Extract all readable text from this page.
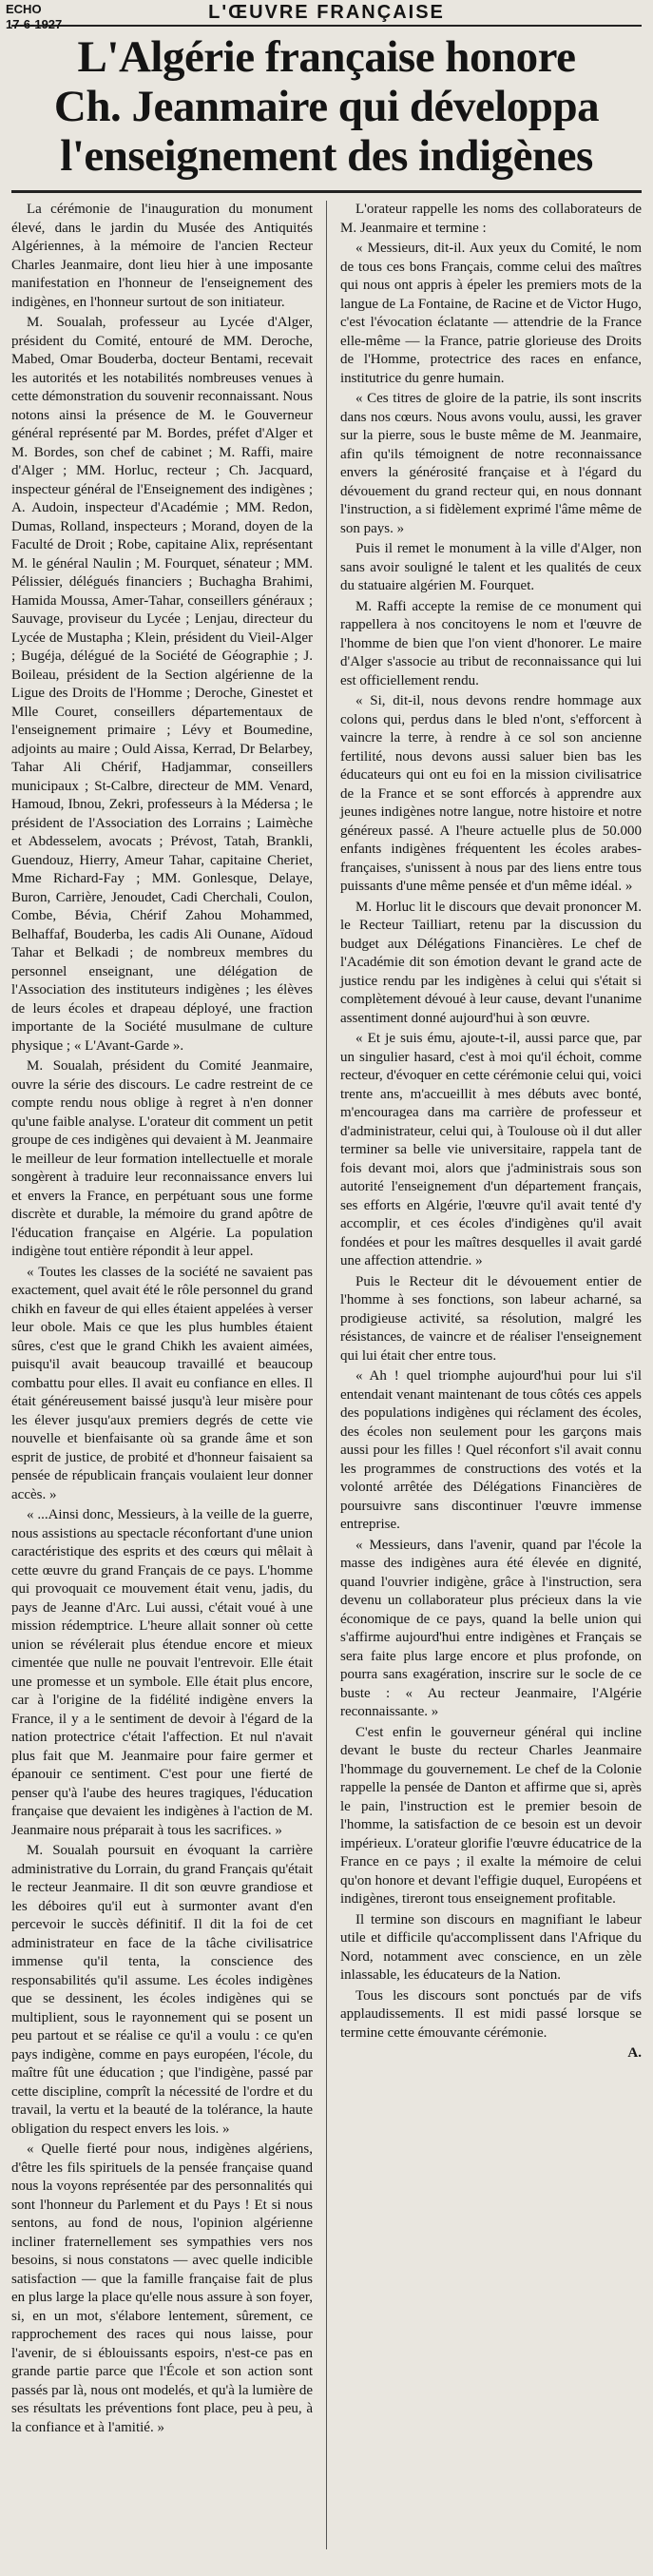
ECHO
17-6-1927
L'ŒUVRE FRANÇAISE
L'Algérie française honore
Ch. Jeanmaire qui développa
l'enseignement des indigènes

La cérémonie de l'inauguration du monument élevé, dans le jardin du Musée des Antiquités Algériennes, à la mémoire de l'ancien Recteur Charles Jeanmaire, dont lieu hier à une imposante manifestation en l'honneur de l'enseignement des indigènes, en l'honneur surtout de son initiateur.

M. Soualah, professeur au Lycée d'Alger, président du Comité, entouré de MM. Deroche, Mabed, Omar Bouderba, docteur Bentami, recevait les autorités et les notabilités nombreuses venues à cette démonstration du souvenir reconnaissant. Nous notons ainsi la présence de M. le Gouverneur général représenté par M. Bordes, préfet d'Alger et M. Bordes, son chef de cabinet ; M. Raffi, maire d'Alger ; MM. Horluc, recteur ; Ch. Jacquard, inspecteur général de l'Enseignement des indigènes ; A. Audoin, inspecteur d'Académie ; MM. Redon, Dumas, Rolland, inspecteurs ; Morand, doyen de la Faculté de Droit ; Robe, capitaine Alix, représentant M. le général Naulin ; M. Fourquet, sénateur ; MM. Pélissier, délégués financiers ; Buchagha Brahimi, Hamida Moussa, Amer-Tahar, conseillers généraux ; Sauvage, proviseur du Lycée ; Lenjau, directeur du Lycée de Mustapha ; Klein, président du Vieil-Alger ; Bugéja, délégué de la Société de Géographie ; J. Boileau, président de la Section algérienne de la Ligue des Droits de l'Homme ; Deroche, Ginestet et Mlle Couret, conseillers départementaux de l'enseignement primaire ; Lévy et Boumedine, adjoints au maire ; Ould Aissa, Kerrad, Dr Belarbey, Tahar Ali Chérif, Hadjammar, conseillers municipaux ; St-Calbre, directeur de MM. Venard, Hamoud, Ibnou, Zekri, professeurs à la Médersa ; le président de l'Association des Lorrains ; Laimèche et Abdesselem, avocats ; Prévost, Tatah, Brankli, Guendouz, Hierry, Ameur Tahar, capitaine Cheriet, Mme Richard-Fay ; MM. Gonlesque, Delaye, Buron, Carrière, Jenoudet, Cadi Cherchali, Coulon, Combe, Bévia, Chérif Zahou Mohammed, Belhaffaf, Bouderba, les cadis Ali Ounane, Aïdoud Tahar et Belkadi ; de nombreux membres du personnel enseignant, une délégation de l'Association des instituteurs indigènes ; les élèves de leurs écoles et drapeau déployé, une fraction importante de la Société musulmane de culture physique ; « L'Avant-Garde ».

M. Soualah, président du Comité Jeanmaire, ouvre la série des discours. Le cadre restreint de ce compte rendu nous oblige à regret à n'en donner qu'une faible analyse. L'orateur dit comment un petit groupe de ces indigènes qui devaient à M. Jeanmaire le meilleur de leur formation intellectuelle et morale songèrent à traduire leur reconnaissance envers lui et envers la France, en perpétuant sous une forme discrète et durable, la mémoire du grand apôtre de l'éducation française en Algérie. La population indigène tout entière répondit à leur appel.

« Toutes les classes de la société ne savaient pas exactement, quel avait été le rôle personnel du grand chikh en faveur de qui elles étaient appelées à verser leur obole. Mais ce que les plus humbles étaient sûres, c'est que le grand Chikh les avaient aimées, puisqu'il avait beaucoup travaillé et beaucoup combattu pour elles. Il avait eu confiance en elles. Il était généreusement baissé jusqu'à leur misère pour les élever jusqu'aux premiers degrés de cette vie nouvelle et bienfaisante où sa grande âme et son esprit de justice, de probité et d'honneur faisaient sa pensée de républicain français voulaient leur donner accès. »

« ...Ainsi donc, Messieurs, à la veille de la guerre, nous assistions au spectacle réconfortant d'une union caractéristique des esprits et des cœurs qui mêlait à cette œuvre du grand Français de ce pays. L'homme qui provoquait ce mouvement était venu, jadis, du pays de Jeanne d'Arc. Lui aussi, c'était voué à une mission rédemptrice. L'heure allait sonner où cette union se révélerait plus étendue encore et mieux cimentée que nulle ne pouvait l'entrevoir. Elle était une promesse et un symbole. Elle était plus encore, car à l'origine de la fidélité indigène envers la France, il y a le sentiment de devoir à l'égard de la nation protectrice c'était l'affection. Et nul n'avait plus fait que M. Jeanmaire pour faire germer et épanouir ce sentiment. C'est pour une fierté de penser qu'à l'aube des heures tragiques, l'éducation française que devaient les indigènes à l'action de M. Jeanmaire nous préparait à tous les sacrifices. »

M. Soualah poursuit en évoquant la carrière administrative du Lorrain, du grand Français qu'était le recteur Jeanmaire. Il dit son œuvre grandiose et les déboires qu'il eut à surmonter avant d'en percevoir le succès définitif. Il dit la foi de cet administrateur en face de la tâche civilisatrice immense qu'il tenta, la conscience des responsabilités qu'il assume. Les écoles indigènes que se dessinent, les écoles indigènes qui se multiplient, sous le rayonnement qui se posent un peu partout et se réalise ce qu'il a voulu : ce qu'en pays indigène, comme en pays européen, l'école, du maître fût une éducation ; que l'indigène, passé par cette discipline, comprît la nécessité de l'ordre et du travail, la vertu et la beauté de la tolérance, la haute obligation du respect envers les lois. »

« Quelle fierté pour nous, indigènes algériens, d'être les fils spirituels de la pensée française quand nous la voyons représentée par des personnalités qui sont l'honneur du Parlement et du Pays ! Et si nous sentons, au fond de nous, l'opinion algérienne incliner fraternellement ses sympathies vers nos besoins, si nous constatons — avec quelle indicible satisfaction — que la famille française fait de plus en plus large la place qu'elle nous assure à son foyer, si, en un mot, s'élabore lentement, sûrement, ce rapprochement des races qui nous laisse, pour l'avenir, de si éblouissants espoirs, n'est-ce pas en grande partie parce que l'École et son action sont passés par là, nous ont modelés, et qu'à la lumière de ses résultats les préventions font place, peu à peu, à la confiance et à l'amitié. »

L'orateur rappelle les noms des collaborateurs de M. Jeanmaire et termine :

« Messieurs, dit-il. Aux yeux du Comité, le nom de tous ces bons Français, comme celui des maîtres qui nous ont appris à épeler les premiers mots de la langue de La Fontaine, de Racine et de Victor Hugo, c'est l'évocation éclatante — attendrie de la France elle-même — la France, patrie glorieuse des Droits de l'Homme, protectrice des races en enfance, institutrice du genre humain.

« Ces titres de gloire de la patrie, ils sont inscrits dans nos cœurs. Nous avons voulu, aussi, les graver sur la pierre, sous le buste même de M. Jeanmaire, afin qu'ils témoignent de notre reconnaissance envers la générosité française et à l'égard du dévouement du grand recteur qui, en nous donnant l'instruction, a si fidèlement exprimé l'âme même de son pays. »

Puis il remet le monument à la ville d'Alger, non sans avoir souligné le talent et les qualités de ceux du statuaire algérien M. Fourquet.

M. Raffi accepte la remise de ce monument qui rappellera à nos concitoyens le nom et l'œuvre de l'homme de bien que l'on vient d'honorer. Le maire d'Alger s'associe au tribut de reconnaissance qui lui est officiellement rendu.

« Si, dit-il, nous devons rendre hommage aux colons qui, perdus dans le bled n'ont, s'efforcent à vaincre la terre, à rendre à ce sol son ancienne fertilité, nous devons aussi saluer bien bas les éducateurs qui ont eu foi en la mission civilisatrice de la France et se sont efforcés à apprendre aux jeunes indigènes notre langue, notre histoire et notre généreux passé. A l'heure actuelle plus de 50.000 enfants indigènes fréquentent les écoles arabes-françaises, s'unissent à nous par des liens entre tous puissants d'une même pensée et d'un même idéal. »

M. Horluc lit le discours que devait prononcer M. le Recteur Tailliart, retenu par la discussion du budget aux Délégations Financières. Le chef de l'Académie dit son émotion devant le grand acte de justice rendu par les indigènes à celui qui s'était si complètement dévoué à leur cause, devant l'unanime assentiment donné aujourd'hui à son œuvre.

« Et je suis ému, ajoute-t-il, aussi parce que, par un singulier hasard, c'est à moi qu'il échoit, comme recteur, d'évoquer en cette cérémonie celui qui, voici trente ans, m'accueillit à mes débuts avec bonté, m'encouragea dans ma carrière de professeur et d'administrateur, celui qui, à Toulouse où il dut aller terminer sa belle vie universitaire, rappela tant de fois devant moi, alors que j'administrais sous son autorité l'enseignement d'un département français, ses efforts en Algérie, l'œuvre qu'il avait tenté d'y accomplir, et ces écoles d'indigènes qu'il avait fondées et pour les maîtres desquelles il avait gardé une affection attendrie. »

Puis le Recteur dit le dévouement entier de l'homme à ses fonctions, son labeur acharné, sa prodigieuse activité, sa résolution, malgré les résistances, de vaincre et de réaliser l'enseignement qui lui était cher entre tous.

« Ah ! quel triomphe aujourd'hui pour lui s'il entendait venant maintenant de tous côtés ces appels des populations indigènes qui réclament des écoles, des écoles non seulement pour les garçons mais aussi pour les filles ! Quel réconfort s'il avait connu les programmes de constructions des votés et la volonté arrêtée des Délégations Financières de poursuivre sans discontinuer l'œuvre immense entreprise.

« Messieurs, dans l'avenir, quand par l'école la masse des indigènes aura été élevée en dignité, quand l'ouvrier indigène, grâce à l'instruction, sera devenu un collaborateur plus précieux dans la vie économique de ce pays, quand la belle union qui s'affirme aujourd'hui entre indigènes et Français se sera faite plus large encore et plus profonde, on pourra sans exagération, inscrire sur le socle de ce buste : « Au recteur Jeanmaire, l'Algérie reconnaissante. »

C'est enfin le gouverneur général qui incline devant le buste du recteur Charles Jeanmaire l'hommage du gouvernement. Le chef de la Colonie rappelle la pensée de Danton et affirme que si, après le pain, l'instruction est le premier besoin de l'homme, la satisfaction de ce besoin est un devoir impérieux. L'orateur glorifie l'œuvre éducatrice de la France en ce pays ; il exalte la mémoire de celui qu'on honore et devant l'effigie duquel, Européens et indigènes, tireront tous enseignement profitable.

Il termine son discours en magnifiant le labeur utile et difficile qu'accomplissent dans l'Afrique du Nord, notamment avec conscience, en un zèle inlassable, les éducateurs de la Nation.

Tous les discours sont ponctués par de vifs applaudissements. Il est midi passé lorsque se termine cette émouvante cérémonie.

A.
